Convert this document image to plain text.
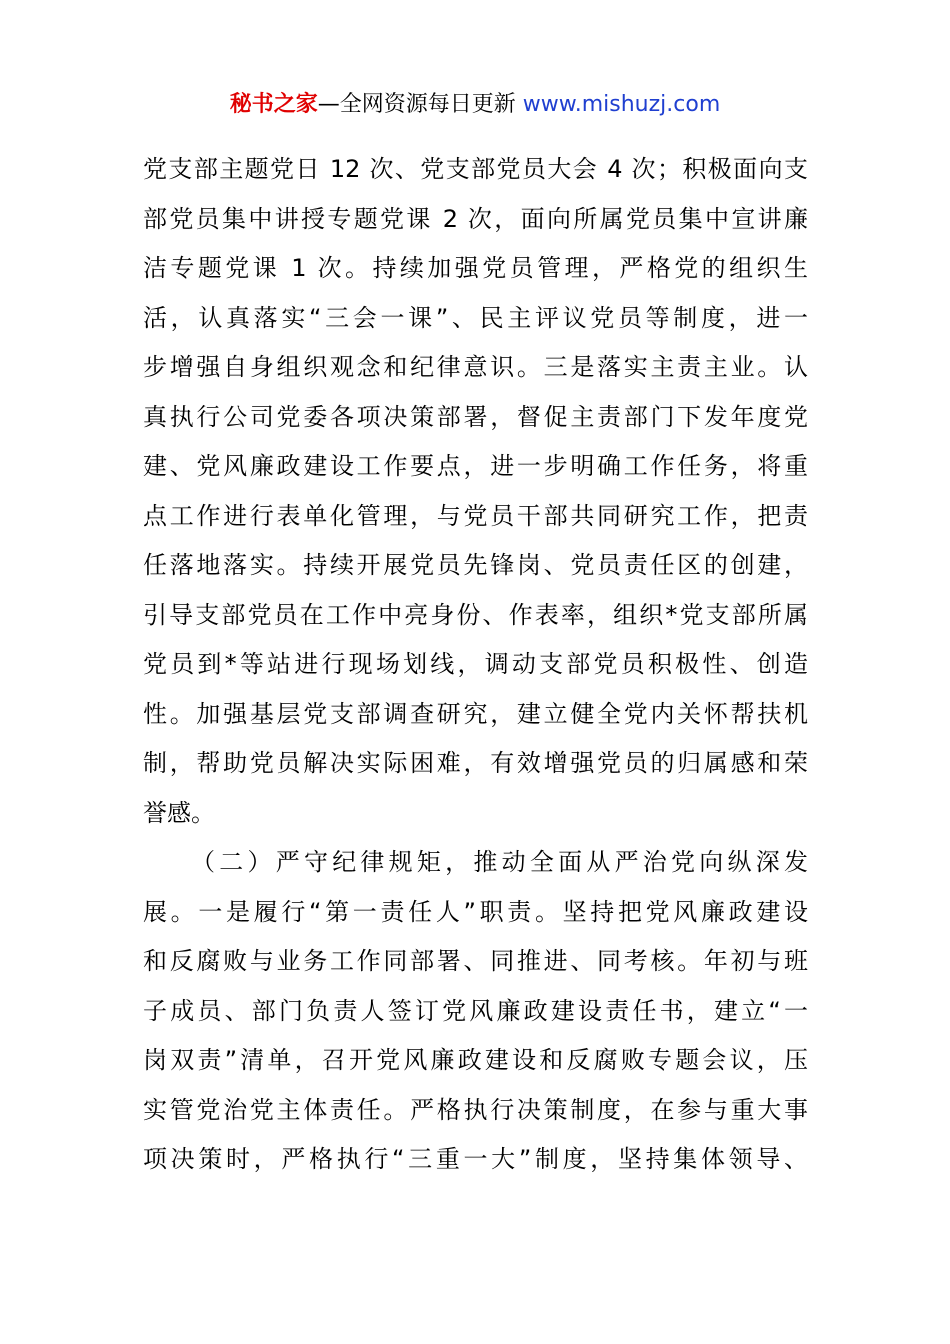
秘书之家—全网资源每日更新 www.mishuzj.com
党支部主题党日 12 次、党支部党员大会 4 次；积极面向支
部党员集中讲授专题党课 2 次，面向所属党员集中宣讲廉
洁专题党课 1 次。持续加强党员管理，严格党的组织生
活，认真落实“三会一课”、民主评议党员等制度，进一
步增强自身组织观念和纪律意识。三是落实主责主业。认
真执行公司党委各项决策部署，督促主责部门下发年度党
建、党风廉政建设工作要点，进一步明确工作任务，将重
点工作进行表单化管理，与党员干部共同研究工作，把责
任落地落实。持续开展党员先锋岗、党员责任区的创建，
引导支部党员在工作中亮身份、作表率，组织*党支部所属
党员到*等站进行现场划线，调动支部党员积极性、创造
性。加强基层党支部调查研究，建立健全党内关怀帮扶机
制，帮助党员解决实际困难，有效增强党员的归属感和荣
誉感。
（二）严守纪律规矩，推动全面从严治党向纵深发
展。一是履行“第一责任人”职责。坚持把党风廉政建设
和反腐败与业务工作同部署、同推进、同考核。年初与班
子成员、部门负责人签订党风廉政建设责任书，建立“一
岗双责”清单，召开党风廉政建设和反腐败专题会议，压
实管党治党主体责任。严格执行决策制度，在参与重大事
项决策时，严格执行“三重一大”制度，坚持集体领导、
